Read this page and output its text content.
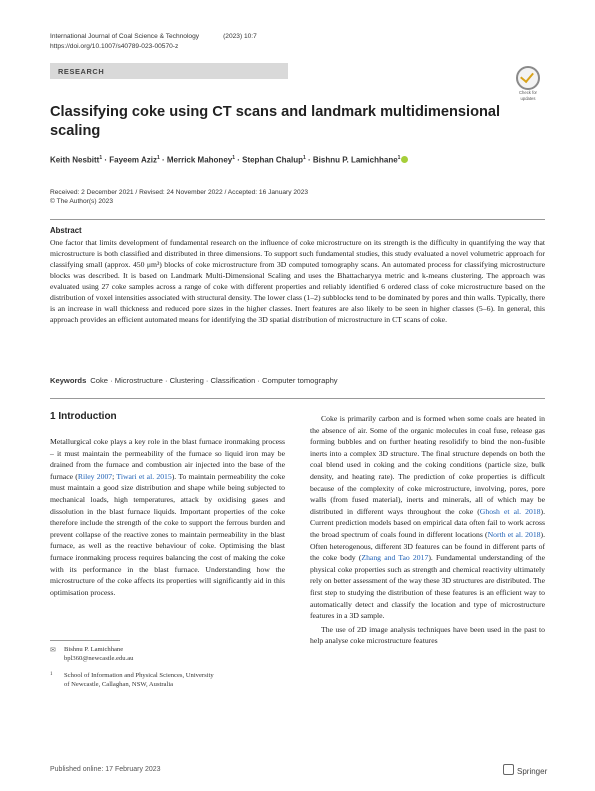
International Journal of Coal Science & Technology	(2023) 10:7
https://doi.org/10.1007/s40789-023-00570-z
RESEARCH
Check for
updates
Classifying coke using CT scans and landmark multidimensional scaling
Keith Nesbitt$^1$ · Fayeem Aziz$^1$ · Merrick Mahoney$^1$ · Stephan Chalup$^1$ · Bishnu P. Lamichhane$^1$
Received: 2 December 2021 / Revised: 24 November 2022 / Accepted: 16 January 2023
© The Author(s) 2023
Abstract
One factor that limits development of fundamental research on the influence of coke microstructure on its strength is the difficulty in quantifying the way that microstructure is both classified and distributed in three dimensions. To support such fundamental studies, this study evaluated a novel volumetric approach for classifying small (approx. 450 μm³) blocks of coke microstructure from 3D computed tomography scans. An automated process for classifying microstructure blocks was described. It is based on Landmark Multi-Dimensional Scaling and uses the Bhattacharyya metric and k-means clustering. The approach was evaluated using 27 coke samples across a range of coke with different properties and reliably identified 6 ordered class of coke microstructure based on the distribution of voxel intensities associated with structural density. The lower class (1–2) subblocks tend to be dominated by pores and thin walls. Typically, there is an increase in wall thickness and reduced pore sizes in the higher classes. Inert features are also likely to be seen in higher classes (5–6). In general, this approach provides an efficient automated means for identifying the 3D spatial distribution of microstructure in CT scans of coke.
Keywords Coke · Microstructure · Clustering · Classification · Computer tomography
1 Introduction

Metallurgical coke plays a key role in the blast furnace ironmaking process – it must maintain the permeability of the furnace so liquid iron may be drained from the furnace and combustion air injected into the base of the furnace (Riley 2007; Tiwari et al. 2015). To maintain permeability the coke must maintain a good size distribution and shape while being subjected to mechanical loads, high temperatures, attack by oxidising gases and dissolution in the blast furnace liquids. Important properties of the coke therefore include the strength of the coke to support the ferrous burden and prevent collapse of the reactive zones to maintain permeability in the blast furnace, as well as the reactive behaviour of coke. Optimising the blast furnace ironmaking process requires balancing the cost of making the coke with its performance in the blast furnace. Understanding how the microstructure of the coke affects its properties will significantly aid in this optimisation process.

Coke is primarily carbon and is formed when some coals are heated in the absence of air. Some of the organic molecules in coal fuse, release gas forming bubbles and on further heating resolidify to bind the non-fusible inerts into a complex 3D structure. The final structure depends on both the coal blend used in coking and the coking conditions (particle size, bulk density, and heating rate). The prediction of coke properties is difficult because of the complexity of coke microstructure, involving, pores, pore walls (from fused material), inerts and minerals, all of which may be distributed in different ways throughout the coke (Ghosh et al. 2018). Current prediction models based on empirical data often fail to work across the broad spectrum of coals found in different locations (North et al. 2018). Often heterogenous, different 3D features can be found in different parts of the coke body (Zhang and Tao 2017). Fundamental understanding of the physical coke properties such as strength and chemical reactivity ultimately rely on better assessment of the way these 3D structures are distributed. The first step to studying the distribution of these features is an efficient way to automatically detect and classify the location and type of microstructure features in a 3D sample.

The use of 2D image analysis techniques have been used in the past to help analyse coke microstructure features

✉ Bishnu P. Lamichhane
bpl360@newcastle.edu.au
1 School of Information and Physical Sciences, University
of Newcastle, Callaghan, NSW, Australia
Published online: 17 February 2023	Springer
